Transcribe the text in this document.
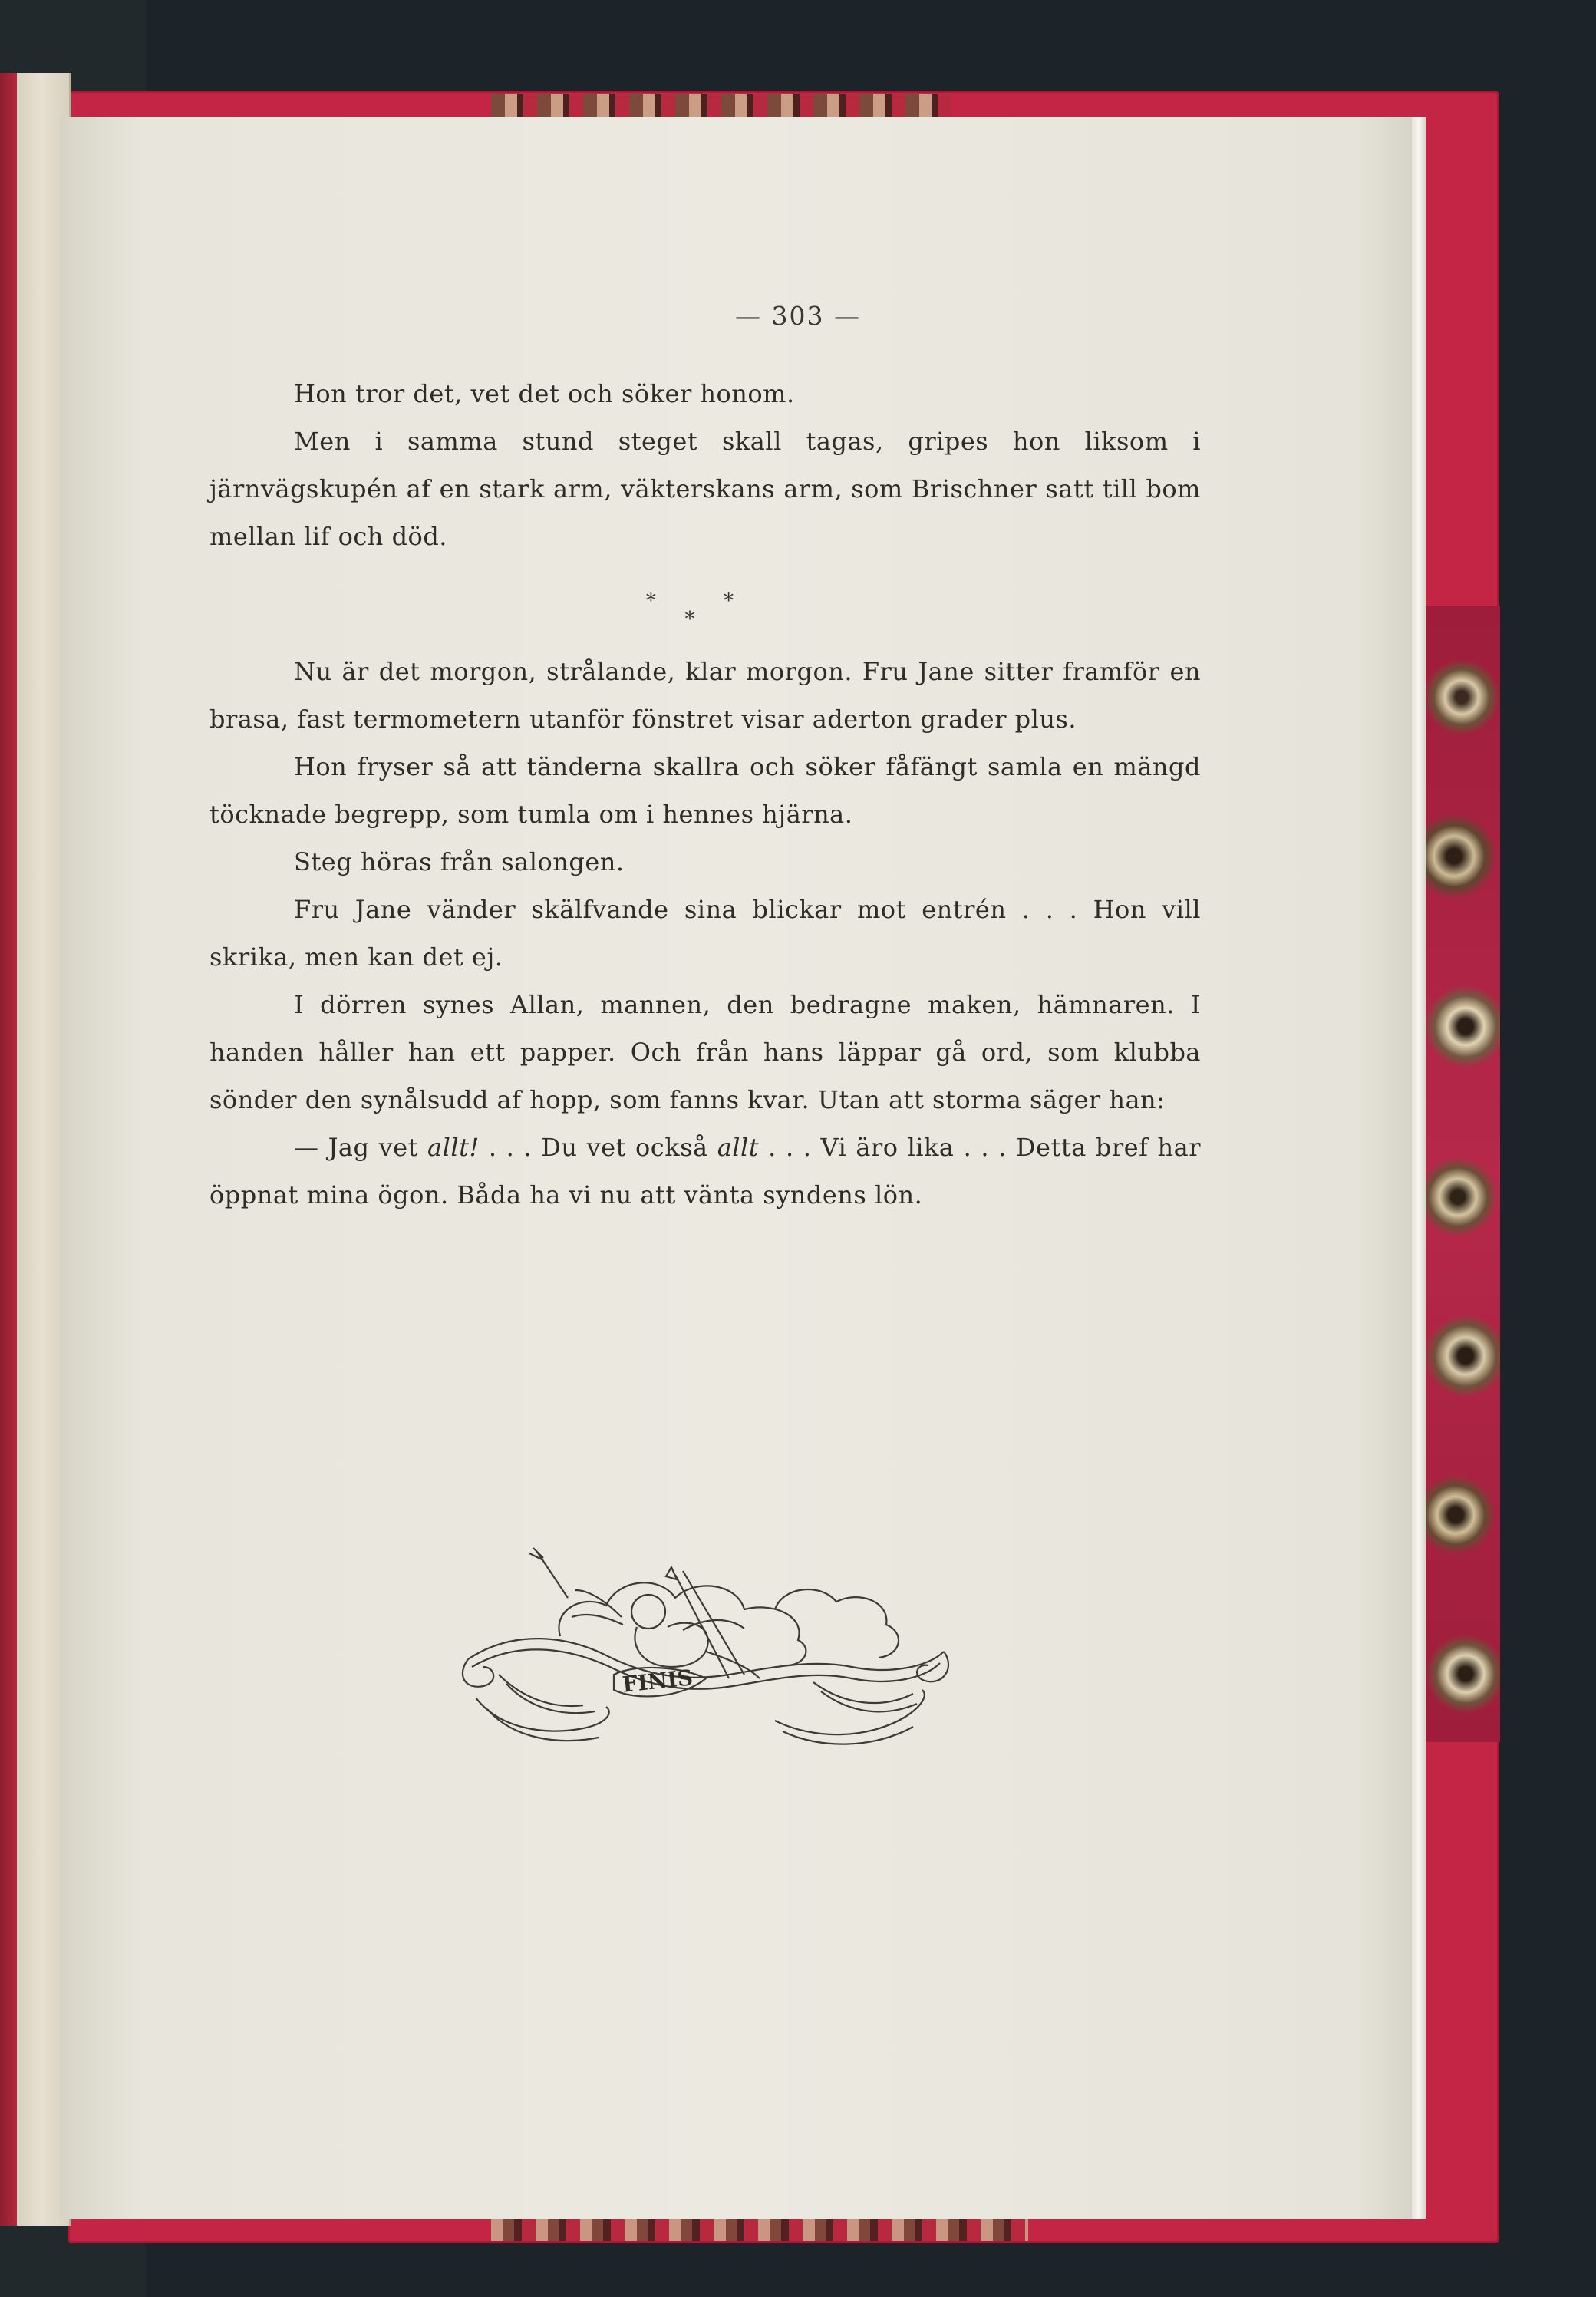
— 303 —

Hon tror det, vet det och söker honom.

Men i samma stund steget skall tagas, gripes hon liksom i järnvägskupén af en stark arm, väkterskans arm, som Brischner satt till bom mellan lif och död.

* *
*

Nu är det morgon, strålande, klar morgon. Fru Jane sitter framför en brasa, fast termometern utanför fönstret visar aderton grader plus.

Hon fryser så att tänderna skallra och söker fåfängt samla en mängd töcknade begrepp, som tumla om i hennes hjärna.

Steg höras från salongen.

Fru Jane vänder skälfvande sina blickar mot entrén . . . Hon vill skrika, men kan det ej.

I dörren synes Allan, mannen, den bedragne maken, hämnaren. I handen håller han ett papper. Och från hans läppar gå ord, som klubba sönder den synålsudd af hopp, som fanns kvar. Utan att storma säger han:

— Jag vet allt! . . . Du vet också allt . . . Vi äro lika . . . Detta bref har öppnat mina ögon. Båda ha vi nu att vänta syndens lön.

FINIS
